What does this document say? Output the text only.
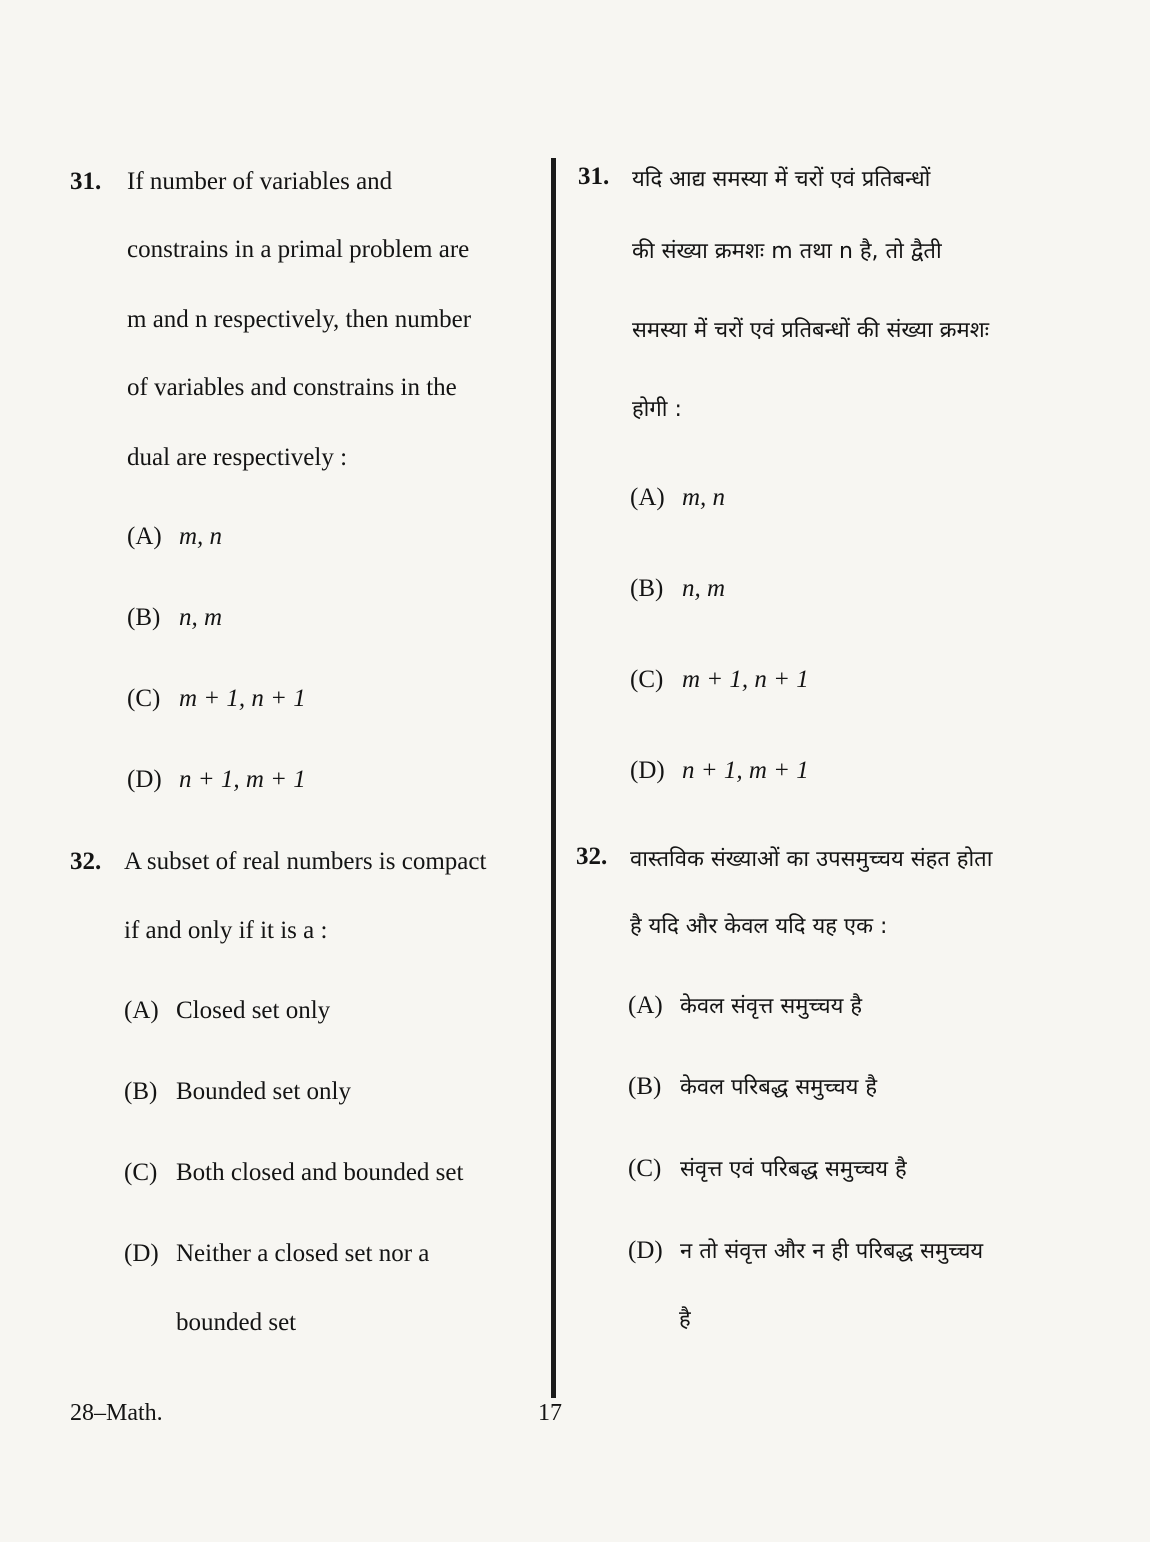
31. If number of variables and
constrains in a primal problem are
m and n respectively, then number
of variables and constrains in the
dual are respectively :
(A) m, n
(B) n, m
(C) m + 1, n + 1
(D) n + 1, m + 1
32. A subset of real numbers is compact
if and only if it is a :
(A) Closed set only
(B) Bounded set only
(C) Both closed and bounded set
(D) Neither a closed set nor a
bounded set
31. यदि आद्य समस्या में चरों एवं प्रतिबन्धों
की संख्या क्रमशः m तथा n है, तो द्वैती
समस्या में चरों एवं प्रतिबन्धों की संख्या क्रमशः
होगी :
(A) m, n
(B) n, m
(C) m + 1, n + 1
(D) n + 1, m + 1
32. वास्तविक संख्याओं का उपसमुच्चय संहत होता
है यदि और केवल यदि यह एक :
(A) केवल संवृत्त समुच्चय है
(B) केवल परिबद्ध समुच्चय है
(C) संवृत्त एवं परिबद्ध समुच्चय है
(D) न तो संवृत्त और न ही परिबद्ध समुच्चय
है
28–Math.	17
